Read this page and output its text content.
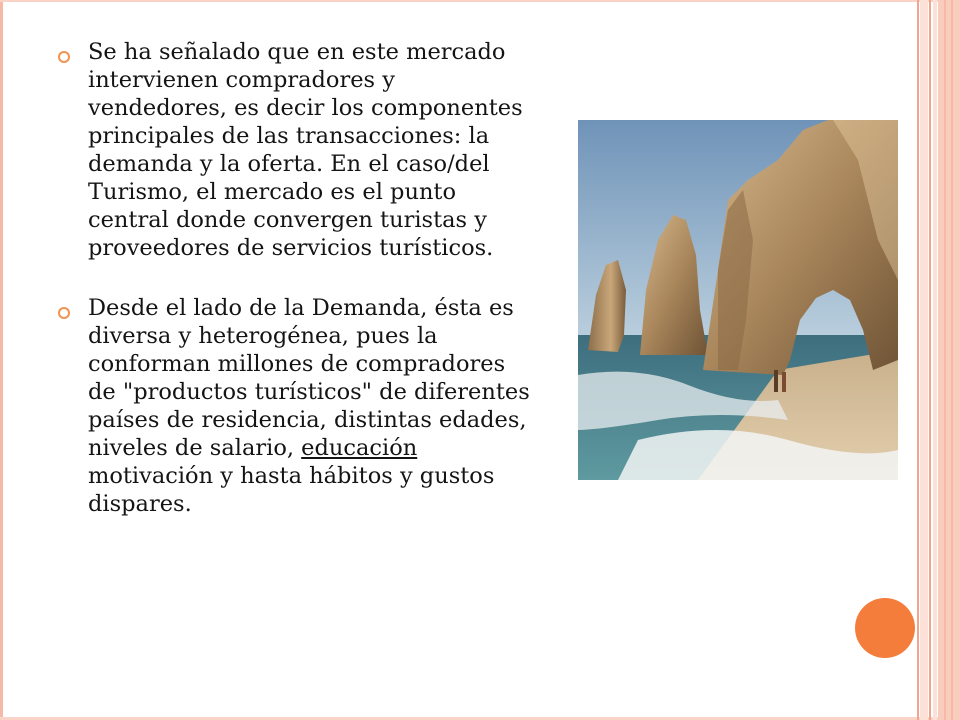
Se ha señalado que en este mercado intervienen compradores y vendedores, es decir los componentes principales de las transacciones: la demanda y la oferta. En el caso/del Turismo, el mercado es el punto central donde convergen turistas y proveedores de servicios turísticos.
Desde el lado de la Demanda, ésta es diversa y heterogénea, pues la conforman millones de compradores de "productos turísticos" de diferentes países de residencia, distintas edades, niveles de salario, educación motivación y hasta hábitos y gustos dispares.
